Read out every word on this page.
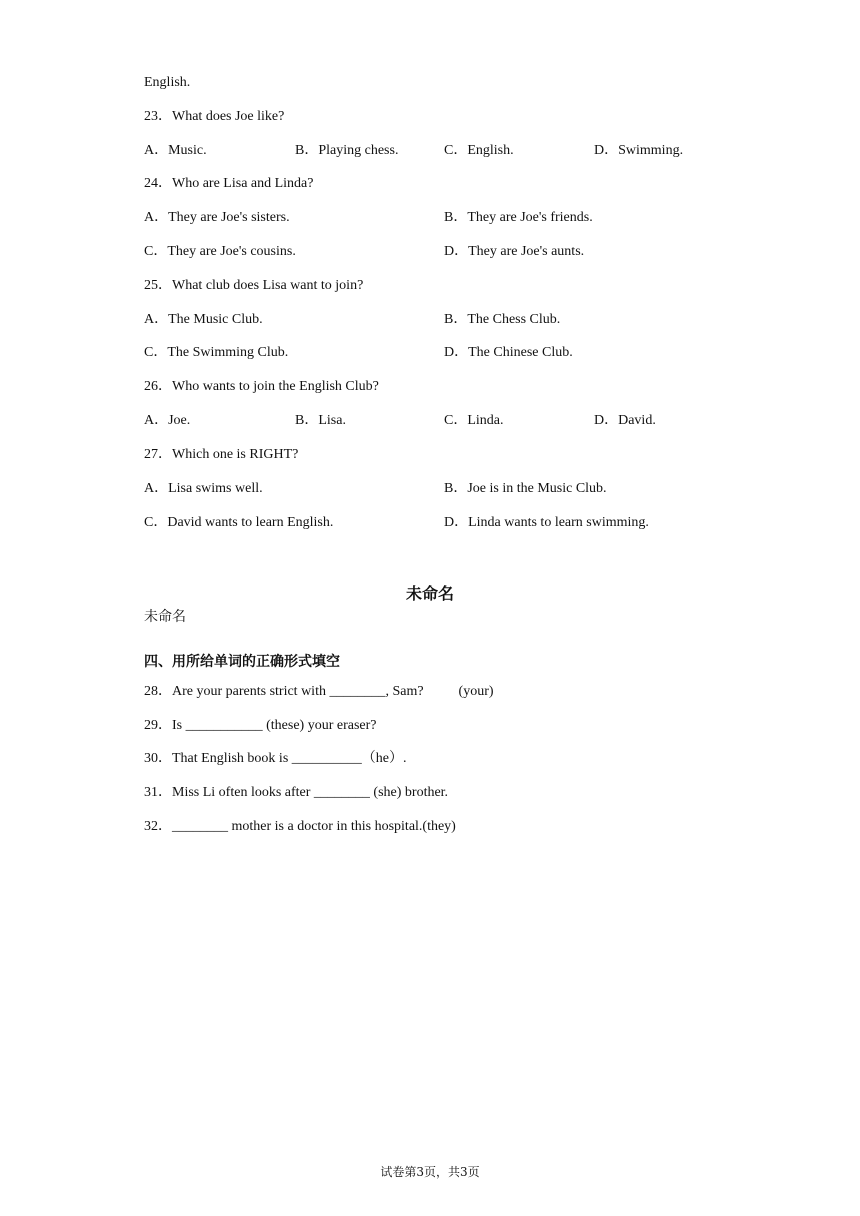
English.
23．What does Joe like?
A．Music.	B．Playing chess.	C．English.	D．Swimming.
24．Who are Lisa and Linda?
A．They are Joe's sisters.	B．They are Joe's friends.
C．They are Joe's cousins.	D．They are Joe's aunts.
25．What club does Lisa want to join?
A．The Music Club.	B．The Chess Club.
C．The Swimming Club.	D．The Chinese Club.
26．Who wants to join the English Club?
A．Joe.	B．Lisa.	C．Linda.	D．David.
27．Which one is RIGHT?
A．Lisa swims well.	B．Joe is in the Music Club.
C．David wants to learn English.	D．Linda wants to learn swimming.
未命名
未命名
四、用所给单词的正确形式填空
28．Are your parents strict with ________, Sam?          (your)
29．Is ___________ (these) your eraser?
30．That English book is __________（he）.
31．Miss Li often looks after ________ (she) brother.
32．________ mother is a doctor in this hospital.(they)
试卷第3页，共3页
